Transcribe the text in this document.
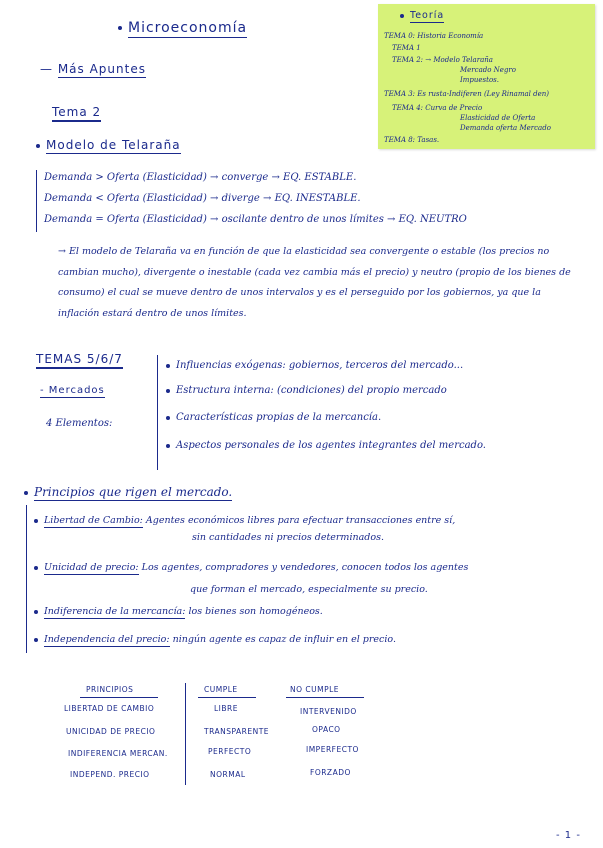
Microeconomía
— Más Apuntes
Tema 2
Teoría
TEMA 0: Historia Economía
TEMA 1
TEMA 2: → Modelo Telaraña
Mercado Negro
Impuestos.
TEMA 3: Es rusta-Indiferen (Ley Rinamal den)
TEMA 4: Curva de Precio
Elasticidad de Oferta
Demanda oferta Mercado
TEMA 8: Tasas.
Modelo de Telaraña
Demanda > Oferta (Elasticidad) → converge → EQ. ESTABLE.
Demanda < Oferta (Elasticidad) → diverge → EQ. INESTABLE.
Demanda = Oferta (Elasticidad) → oscilante dentro de unos límites → EQ. NEUTRO
→ El modelo de Telaraña va en función de que la elasticidad sea convergente o estable (los precios no cambian mucho), divergente o inestable (cada vez cambia más el precio) y neutro (propio de los bienes de consumo) el cual se mueve dentro de unos intervalos y es el perseguido por los gobiernos, ya que la inflación estará dentro de unos límites.
TEMAS 5/6/7
- Mercados
4 Elementos:
Influencias exógenas: gobiernos, terceros del mercado...
Estructura interna: (condiciones) del propio mercado
Características propias de la mercancía.
Aspectos personales de los agentes integrantes del mercado.
Principios que rigen el mercado.
Libertad de Cambio: Agentes económicos libres para efectuar transacciones entre sí,
sin cantidades ni precios determinados.
Unicidad de precio: Los agentes, compradores y vendedores, conocen todos los agentes
que forman el mercado, especialmente su precio.
Indiferencia de la mercancía: los bienes son homogéneos.
Independencia del precio: ningún agente es capaz de influir en el precio.
PRINCIPIOS	CUMPLE	NO CUMPLE
LIBERTAD DE CAMBIO	LIBRE	INTERVENIDO
UNICIDAD DE PRECIO	TRANSPARENTE	OPACO
INDIFERENCIA MERCAN.	PERFECTO	IMPERFECTO
INDEPEND. PRECIO	NORMAL	FORZADO
- 1 -
